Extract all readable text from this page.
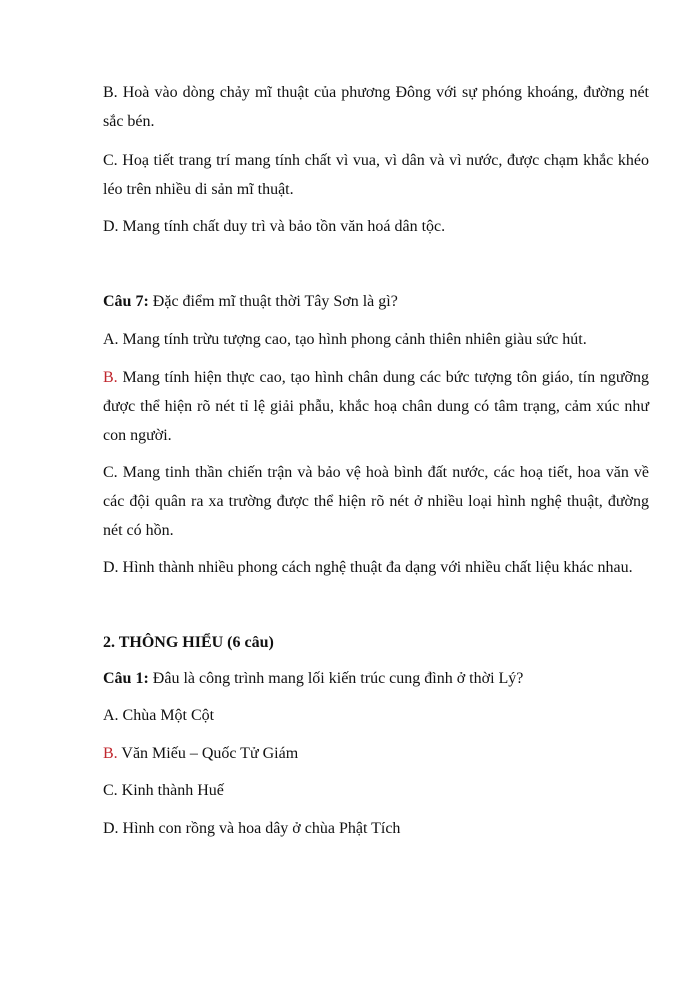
B. Hoà vào dòng chảy mĩ thuật của phương Đông với sự phóng khoáng, đường nét sắc bén.

C. Hoạ tiết trang trí mang tính chất vì vua, vì dân và vì nước, được chạm khắc khéo léo trên nhiều di sản mĩ thuật.

D. Mang tính chất duy trì và bảo tồn văn hoá dân tộc.

Câu 7: Đặc điểm mĩ thuật thời Tây Sơn là gì?

A. Mang tính trừu tượng cao, tạo hình phong cảnh thiên nhiên giàu sức hút.

B. Mang tính hiện thực cao, tạo hình chân dung các bức tượng tôn giáo, tín ngưỡng được thể hiện rõ nét tỉ lệ giải phẫu, khắc hoạ chân dung có tâm trạng, cảm xúc như con người.

C. Mang tinh thần chiến trận và bảo vệ hoà bình đất nước, các hoạ tiết, hoa văn về các đội quân ra xa trường được thể hiện rõ nét ở nhiều loại hình nghệ thuật, đường nét có hồn.

D. Hình thành nhiều phong cách nghệ thuật đa dạng với nhiều chất liệu khác nhau.

2. THÔNG HIỂU (6 câu)

Câu 1: Đâu là công trình mang lối kiến trúc cung đình ở thời Lý?

A. Chùa Một Cột

B. Văn Miếu – Quốc Tử Giám

C. Kinh thành Huế

D. Hình con rồng và hoa dây ở chùa Phật Tích
